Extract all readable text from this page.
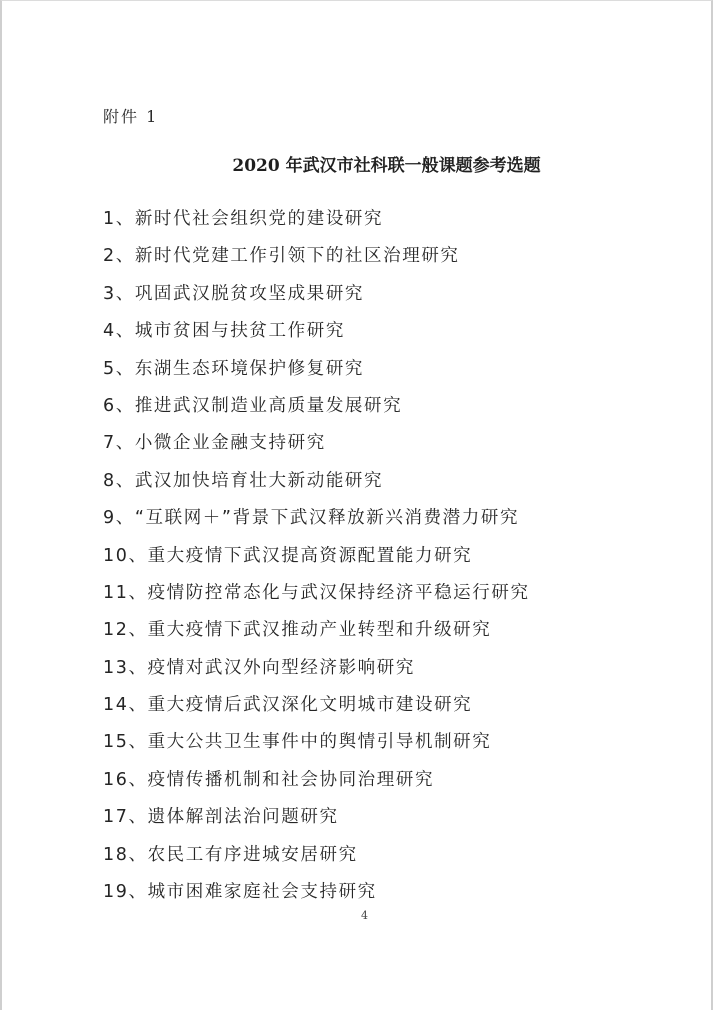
附件 1
2020 年武汉市社科联一般课题参考选题
1、新时代社会组织党的建设研究
2、新时代党建工作引领下的社区治理研究
3、巩固武汉脱贫攻坚成果研究
4、城市贫困与扶贫工作研究
5、东湖生态环境保护修复研究
6、推进武汉制造业高质量发展研究
7、小微企业金融支持研究
8、武汉加快培育壮大新动能研究
9、“互联网＋”背景下武汉释放新兴消费潜力研究
10、重大疫情下武汉提高资源配置能力研究
11、疫情防控常态化与武汉保持经济平稳运行研究
12、重大疫情下武汉推动产业转型和升级研究
13、疫情对武汉外向型经济影响研究
14、重大疫情后武汉深化文明城市建设研究
15、重大公共卫生事件中的舆情引导机制研究
16、疫情传播机制和社会协同治理研究
17、遗体解剖法治问题研究
18、农民工有序进城安居研究
19、城市困难家庭社会支持研究
4
